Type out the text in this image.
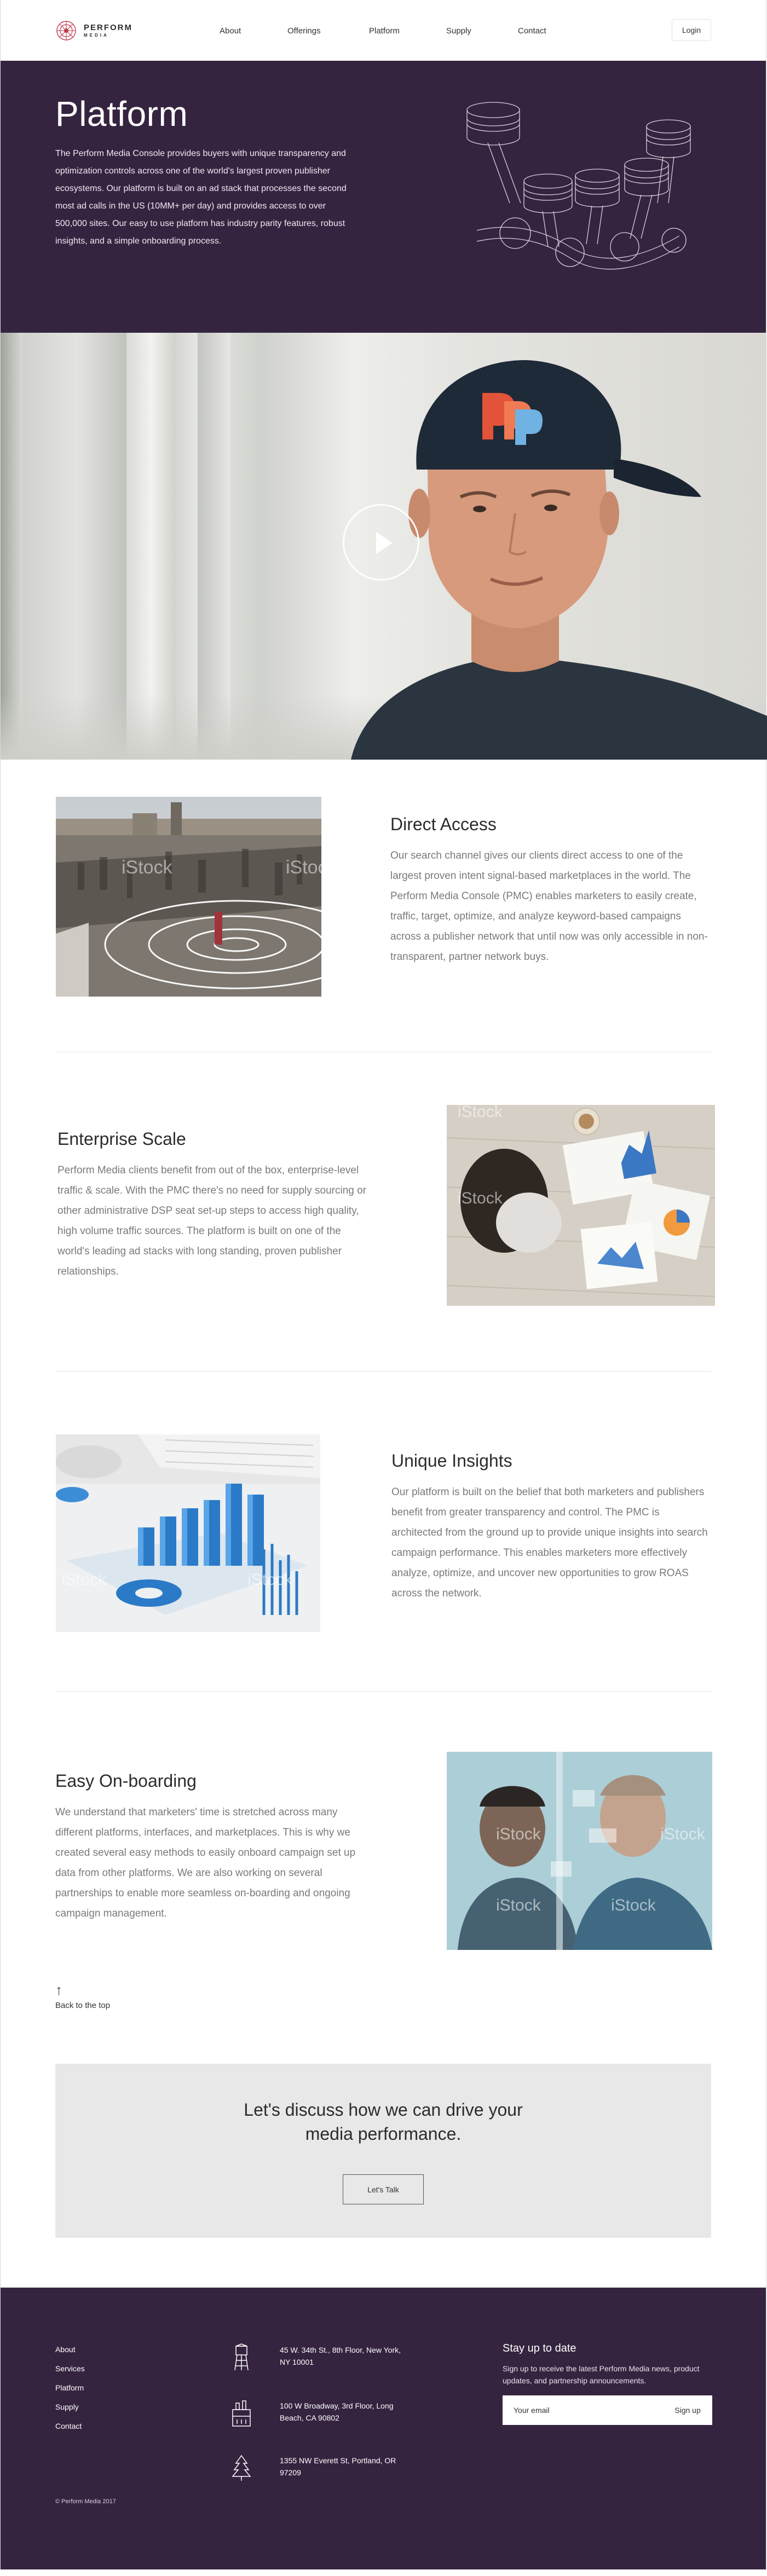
PERFORM
MEDIA	About	Offerings	Platform	Supply	Contact	Login
Platform

The Perform Media Console provides buyers with unique transparency and optimization controls across one of the world's largest proven publisher ecosystems. Our platform is built on an ad stack that processes the second most ad calls in the US (10MM+ per day) and provides access to over 500,000 sites. Our easy to use platform has industry parity features, robust insights, and a simple onboarding process.

iStock	iStock
Direct Access

Our search channel gives our clients direct access to one of the largest proven intent signal-based marketplaces in the world. The Perform Media Console (PMC) enables marketers to easily create, traffic, target, optimize, and analyze keyword-based campaigns across a publisher network that until now was only accessible in non-transparent, partner network buys.

Enterprise Scale

Perform Media clients benefit from out of the box, enterprise-level traffic & scale. With the PMC there's no need for supply sourcing or other administrative DSP seat set-up steps to access high quality, high volume traffic sources. The platform is built on one of the world's leading ad stacks with long standing, proven publisher relationships.

iStock
iStock
iStock	iStock
Unique Insights

Our platform is built on the belief that both marketers and publishers benefit from greater transparency and control. The PMC is architected from the ground up to provide unique insights into search campaign performance. This enables marketers more effectively analyze, optimize, and uncover new opportunities to grow ROAS across the network.

Easy On-boarding

We understand that marketers' time is stretched across many different platforms, interfaces, and marketplaces. This is why we created several easy methods to easily onboard campaign set up data from other platforms. We are also working on several partnerships to enable more seamless on-boarding and ongoing campaign management.

iStock	iStock
iStock	iStock
↑
Back to the top
Let's discuss how we can drive your
media performance.
Let's Talk
About
Services
Platform
Supply
Contact
45 W. 34th St., 8th Floor, New York, NY 10001
100 W Broadway, 3rd Floor, Long Beach, CA 90802
1355 NW Everett St, Portland, OR 97209
Stay up to date

Sign up to receive the latest Perform Media news, product updates, and partnership announcements.

Your email
Sign up
© Perform Media 2017
